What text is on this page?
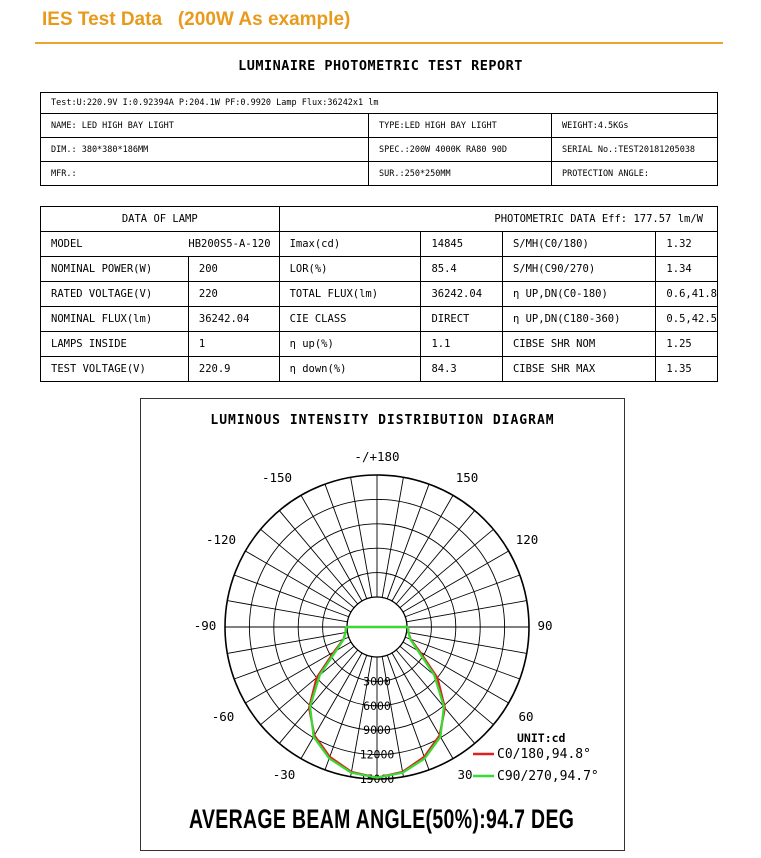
IES Test Data   (200W As example)
LUMINAIRE PHOTOMETRIC TEST REPORT
Test:U:220.9V I:0.92394A P:204.1W PF:0.9920 Lamp Flux:36242x1 lm		
NAME: LED HIGH BAY LIGHT	TYPE:LED HIGH BAY LIGHT	WEIGHT:4.5KGs
DIM.: 380*380*186MM	SPEC.:200W 4000K RA80 90D	SERIAL No.:TEST20181205038
MFR.:	SUR.:250*250MM	PROTECTION ANGLE:
DATA OF LAMP		PHOTOMETRIC DATA Eff: 177.57 lm/W			
MODEL	HB200S5-A-120	Imax(cd)	14845	S/MH(C0/180)	1.32
NOMINAL POWER(W)	200	LOR(%)	85.4	S/MH(C90/270)	1.34
RATED VOLTAGE(V)	220	TOTAL FLUX(lm)	36242.04	η UP,DN(C0-180)	0.6,41.8
NOMINAL FLUX(lm)	36242.04	CIE CLASS	DIRECT	η UP,DN(C180-360)	0.5,42.5
LAMPS INSIDE	1	η up(%)	1.1	CIBSE SHR NOM	1.25
TEST VOLTAGE(V)	220.9	η down(%)	84.3	CIBSE SHR MAX	1.35
-/+180
-150	150
-120	120
-90	90
-60	60
-30	30
3000
6000
9000
12000
15000
UNIT:cd
C0/180,94.8°
C90/270,94.7°
LUMINOUS INTENSITY DISTRIBUTION DIAGRAM
AVERAGE BEAM ANGLE(50%):94.7 DEG
